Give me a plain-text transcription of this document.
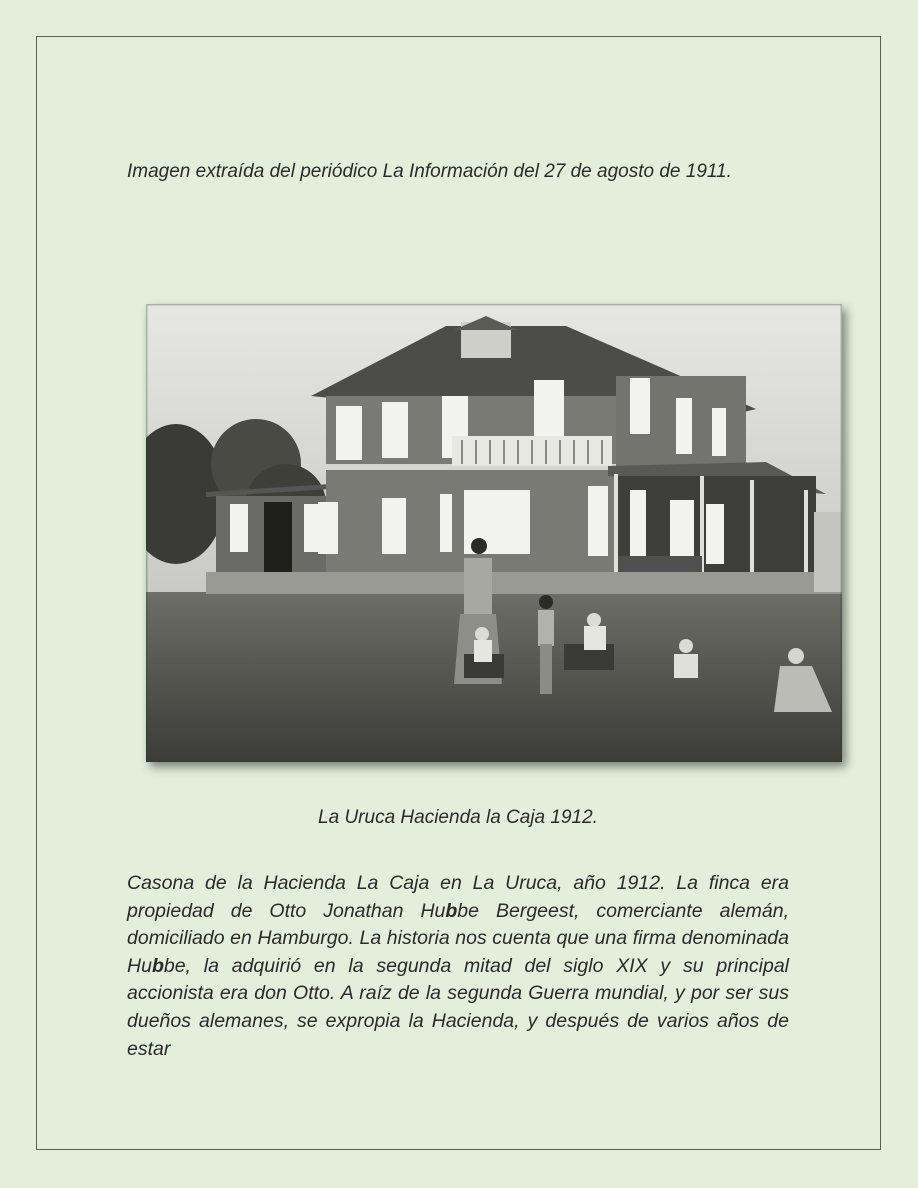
Imagen extraída del periódico La Información del 27 de agosto de 1911.

La Uruca Hacienda la Caja 1912.

Casona de la Hacienda La Caja en La Uruca, año 1912. La finca era propiedad de Otto Jonathan Hubbe Bergeest, comerciante alemán, domiciliado en Hamburgo. La historia nos cuenta que una firma denominada Hubbe, la adquirió en la segunda mitad del siglo XIX y su principal accionista era don Otto. A raíz de la segunda Guerra mundial, y por ser sus dueños alemanes, se expropia la Hacienda, y después de varios años de estar
